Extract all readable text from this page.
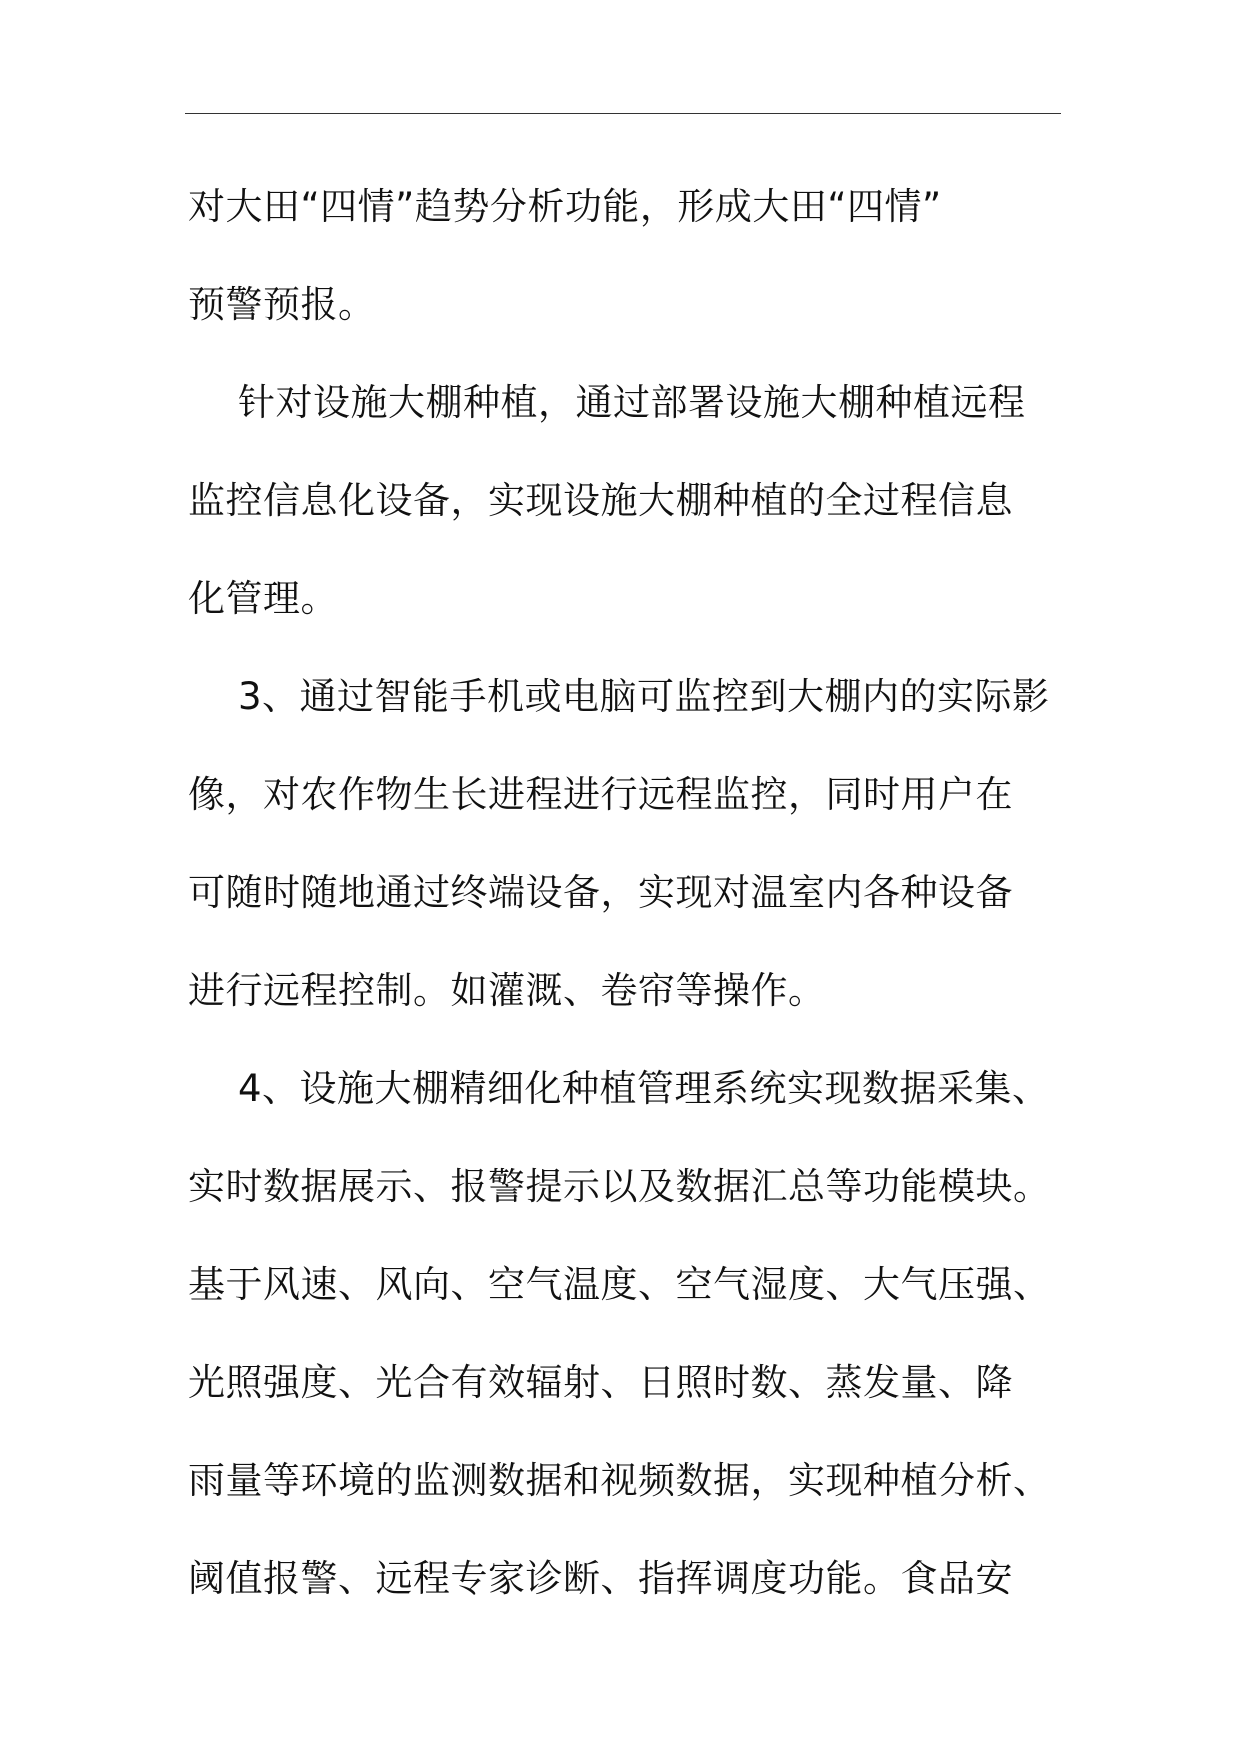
对大田“四情”趋势分析功能，形成大田“四情”
预警预报。
针对设施大棚种植，通过部署设施大棚种植远程
监控信息化设备，实现设施大棚种植的全过程信息
化管理。
3、通过智能手机或电脑可监控到大棚内的实际影
像，对农作物生长进程进行远程监控，同时用户在
可随时随地通过终端设备，实现对温室内各种设备
进行远程控制。如灌溉、卷帘等操作。
4、设施大棚精细化种植管理系统实现数据采集、
实时数据展示、报警提示以及数据汇总等功能模块。
基于风速、风向、空气温度、空气湿度、大气压强、
光照强度、光合有效辐射、日照时数、蒸发量、降
雨量等环境的监测数据和视频数据，实现种植分析、
阈值报警、远程专家诊断、指挥调度功能。食品安
